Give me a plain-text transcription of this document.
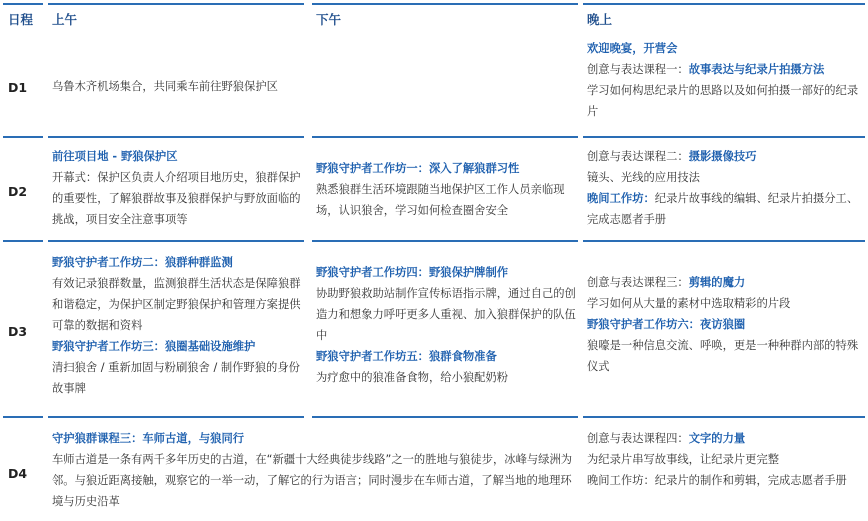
日程 上午	下午	晚上
D1 乌鲁木齐机场集合，共同乘车前往野狼保护区

欢迎晚宴，开营会

创意与表达课程一：故事表达与纪录片拍摄方法

学习如何构思纪录片的思路以及如何拍摄一部好的纪录片

D2

前往项目地 - 野狼保护区

开幕式：保护区负责人介绍项目地历史，狼群保护的重要性，了解狼群故事及狼群保护与野放面临的挑战，项目安全注意事项等

野狼守护者工作坊一：深入了解狼群习性

熟悉狼群生活环境跟随当地保护区工作人员亲临现场，认识狼舍，学习如何检查圈舍安全

创意与表达课程二：摄影摄像技巧

镜头、光线的应用技法

晚间工作坊：纪录片故事线的编辑、纪录片拍摄分工、完成志愿者手册

D3

野狼守护者工作坊二：狼群种群监测

有效记录狼群数量，监测狼群生活状态是保障狼群和谐稳定，为保护区制定野狼保护和管理方案提供可靠的数据和资料

野狼守护者工作坊三：狼圈基础设施维护

清扫狼舍 / 重新加固与粉刷狼舍 / 制作野狼的身份故事牌

野狼守护者工作坊四：野狼保护牌制作

协助野狼救助站制作宣传标语指示牌，通过自己的创造力和想象力呼吁更多人重视、加入狼群保护的队伍中

野狼守护者工作坊五：狼群食物准备

为疗愈中的狼准备食物，给小狼配奶粉

创意与表达课程三：剪辑的魔力

学习如何从大量的素材中选取精彩的片段

野狼守护者工作坊六：夜访狼圈

狼嚎是一种信息交流、呼唤，更是一种种群内部的特殊仪式

D4

守护狼群课程三：车师古道，与狼同行

车师古道是一条有两千多年历史的古道，在“新疆十大经典徒步线路”之一的胜地与狼徒步，冰峰与绿洲为邻。与狼近距离接触，观察它的一举一动，了解它的行为语言；同时漫步在车师古道，了解当地的地理环境与历史沿革

创意与表达课程四：文字的力量

为纪录片串写故事线，让纪录片更完整

晚间工作坊：纪录片的制作和剪辑，完成志愿者手册
